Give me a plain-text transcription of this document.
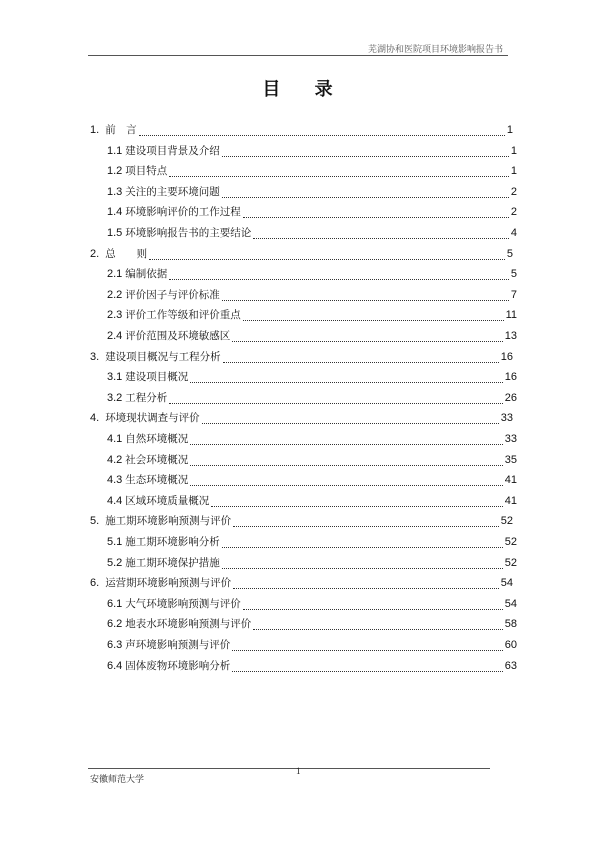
芜湖协和医院项目环境影响报告书
目 录
1. 前　言	1
1.1 建设项目背景及介绍	1
1.2 项目特点	1
1.3 关注的主要环境问题	2
1.4 环境影响评价的工作过程	2
1.5 环境影响报告书的主要结论	4
2. 总　　则	5
2.1 编制依据	5
2.2 评价因子与评价标准	7
2.3 评价工作等级和评价重点	11
2.4 评价范围及环境敏感区	13
3. 建设项目概况与工程分析	16
3.1 建设项目概况	16
3.2 工程分析	26
4. 环境现状调查与评价	33
4.1 自然环境概况	33
4.2 社会环境概况	35
4.3 生态环境概况	41
4.4 区域环境质量概况	41
5. 施工期环境影响预测与评价	52
5.1 施工期环境影响分析	52
5.2 施工期环境保护措施	52
6. 运营期环境影响预测与评价	54
6.1 大气环境影响预测与评价	54
6.2 地表水环境影响预测与评价	58
6.3 声环境影响预测与评价	60
6.4 固体废物环境影响分析	63
安徽师范大学
1
